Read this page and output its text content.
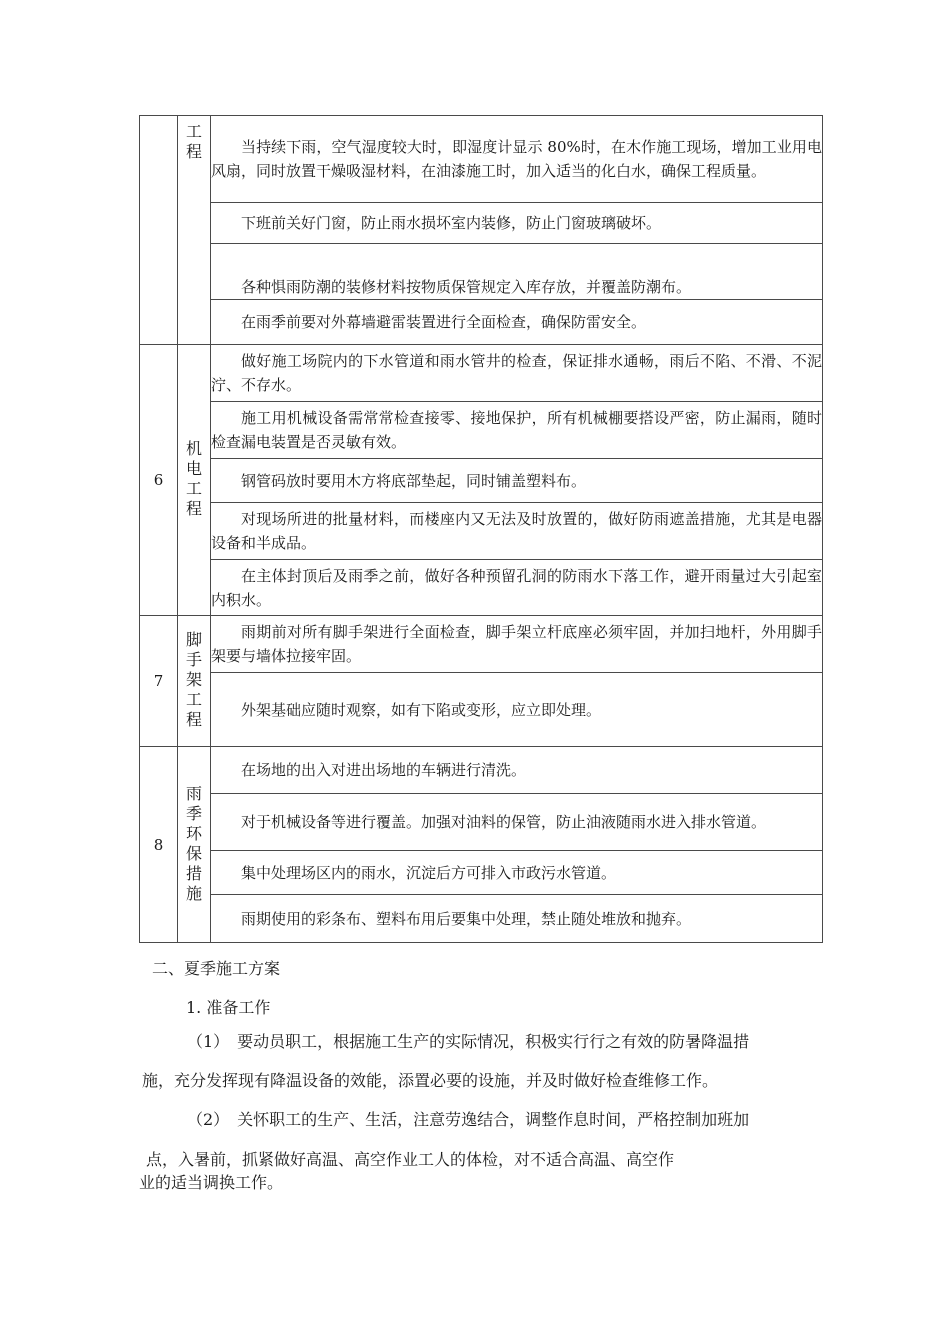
	工程	当持续下雨，空气湿度较大时，即湿度计显示 80%时，在木作施工现场，增加工业用电风扇，同时放置干燥吸湿材料，在油漆施工时，加入适当的化白水，确保工程质量。
		下班前关好门窗，防止雨水损坏室内装修，防止门窗玻璃破坏。
		各种惧雨防潮的装修材料按物质保管规定入库存放，并覆盖防潮布。
		在雨季前要对外幕墙避雷装置进行全面检查，确保防雷安全。
6	机电工程	做好施工场院内的下水管道和雨水管井的检查，保证排水通畅，雨后不陷、不滑、不泥泞、不存水。
		施工用机械设备需常常检查接零、接地保护，所有机械棚要搭设严密，防止漏雨，随时检查漏电装置是否灵敏有效。
		钢管码放时要用木方将底部垫起，同时铺盖塑料布。
		对现场所进的批量材料，而楼座内又无法及时放置的，做好防雨遮盖措施，尤其是电器设备和半成品。
		在主体封顶后及雨季之前，做好各种预留孔洞的防雨水下落工作，避开雨量过大引起室内积水。
7	脚手架工程	雨期前对所有脚手架进行全面检查，脚手架立杆底座必须牢固，并加扫地杆，外用脚手架要与墙体拉接牢固。
		外架基础应随时观察，如有下陷或变形，应立即处理。
8	雨季环保措施	在场地的出入对进出场地的车辆进行清洗。
		对于机械设备等进行覆盖。加强对油料的保管，防止油液随雨水进入排水管道。
		集中处理场区内的雨水，沉淀后方可排入市政污水管道。
		雨期使用的彩条布、塑料布用后要集中处理，禁止随处堆放和抛弃。
二、夏季施工方案
1. 准备工作
（1）　要动员职工，根据施工生产的实际情况，积极实行行之有效的防暑降温措
施，充分发挥现有降温设备的效能，添置必要的设施，并及时做好检查维修工作。
（2）　关怀职工的生产、生活，注意劳逸结合，调整作息时间，严格控制加班加
点，入暑前，抓紧做好高温、高空作业工人的体检，对不适合高温、高空作
业的适当调换工作。
